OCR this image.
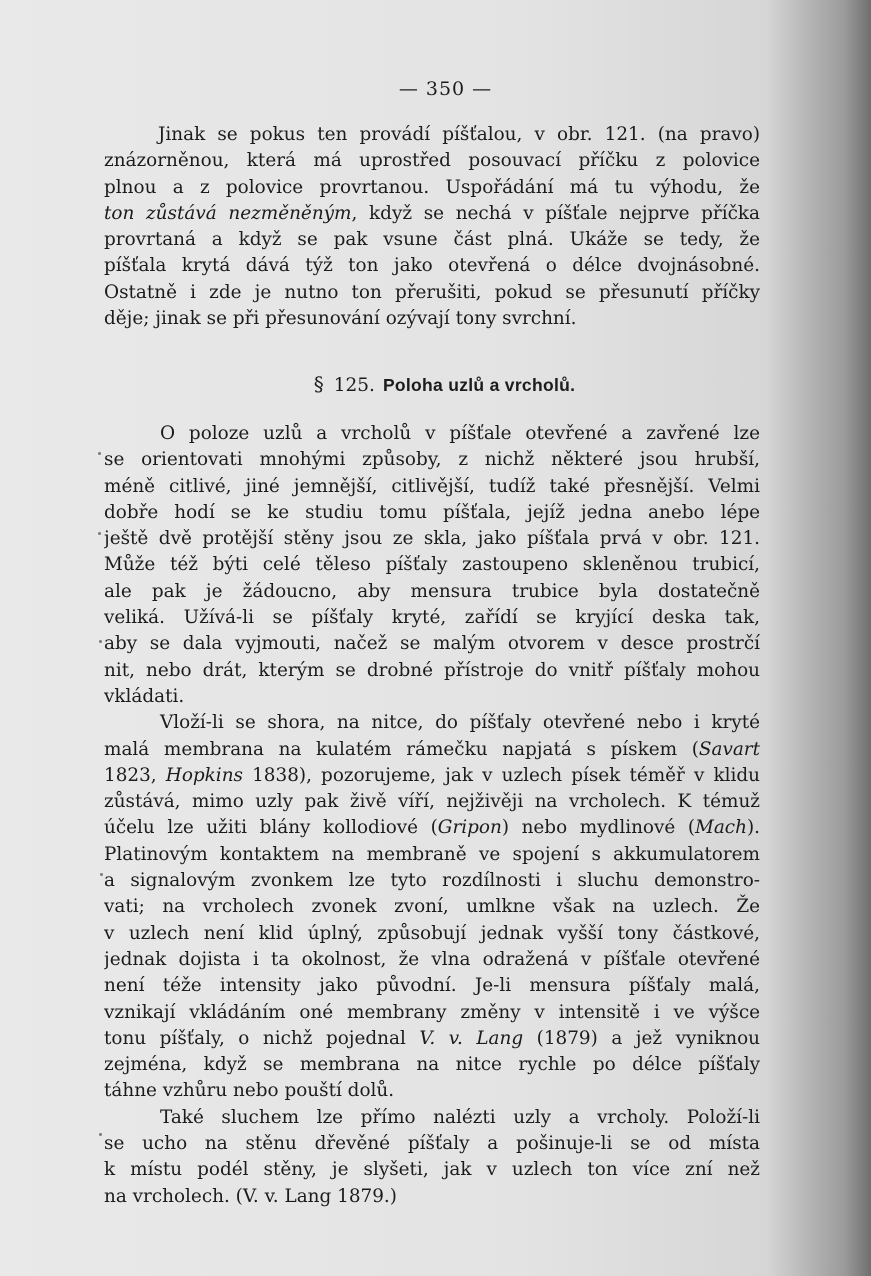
— 350 —
Jinak se pokus ten provádí píšťalou, v obr. 121. (na pravo)
znázorněnou, která má uprostřed posouvací příčku z polovice
plnou a z polovice provrtanou. Uspořádání má tu výhodu, že
ton zůstává nezměněným, když se nechá v píšťale nejprve příčka
provrtaná a když se pak vsune část plná. Ukáže se tedy, že
píšťala krytá dává týž ton jako otevřená o délce dvojnásobné.
Ostatně i zde je nutno ton přerušiti, pokud se přesunutí příčky
děje; jinak se při přesunování ozývají tony svrchní.
§ 125. Poloha uzlů a vrcholů.
O poloze uzlů a vrcholů v píšťale otevřené a zavřené lze
se orientovati mnohými způsoby, z nichž některé jsou hrubší,
méně citlivé, jiné jemnější, citlivější, tudíž také přesnější. Velmi
dobře hodí se ke studiu tomu píšťala, jejíž jedna anebo lépe
ještě dvě protější stěny jsou ze skla, jako píšťala prvá v obr. 121.
Může též býti celé těleso píšťaly zastoupeno skleněnou trubicí,
ale pak je žádoucno, aby mensura trubice byla dostatečně
veliká. Užívá-li se píšťaly kryté, zařídí se kryjící deska tak,
aby se dala vyjmouti, načež se malým otvorem v desce prostrčí
nit, nebo drát, kterým se drobné přístroje do vnitř píšťaly mohou
vkládati.
Vloží-li se shora, na nitce, do píšťaly otevřené nebo i kryté
malá membrana na kulatém rámečku napjatá s pískem (Savart
1823, Hopkins 1838), pozorujeme, jak v uzlech písek téměř v klidu
zůstává, mimo uzly pak živě víří, nejživěji na vrcholech. K témuž
účelu lze užiti blány kollodiové (Gripon) nebo mydlinové (Mach).
Platinovým kontaktem na membraně ve spojení s akkumulatorem
a signalovým zvonkem lze tyto rozdílnosti i sluchu demonstro-
vati; na vrcholech zvonek zvoní, umlkne však na uzlech. Že
v uzlech není klid úplný, způsobují jednak vyšší tony částkové,
jednak dojista i ta okolnost, že vlna odražená v píšťale otevřené
není téže intensity jako původní. Je-li mensura píšťaly malá,
vznikají vkládáním oné membrany změny v intensitě i ve výšce
tonu píšťaly, o nichž pojednal V. v. Lang (1879) a jež vyniknou
zejména, když se membrana na nitce rychle po délce píšťaly
táhne vzhůru nebo pouští dolů.
Také sluchem lze přímo nalézti uzly a vrcholy. Položí-li
se ucho na stěnu dřevěné píšťaly a pošinuje-li se od místa
k místu podél stěny, je slyšeti, jak v uzlech ton více zní než
na vrcholech. (V. v. Lang 1879.)
